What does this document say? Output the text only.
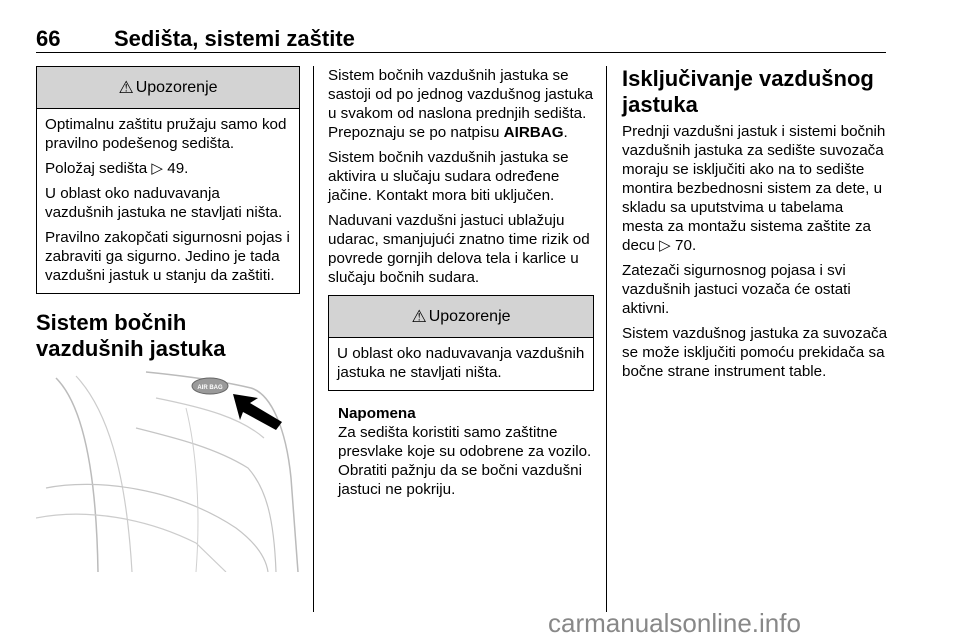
66 Sedišta, sistemi zaštite
⚠ Upozorenje

Optimalnu zaštitu pružaju samo kod pravilno podešenog sedišta.

Položaj sedišta ▷ 49.

U oblast oko naduvavanja vazdušnih jastuka ne stavljati ništa.

Pravilno zakopčati sigurnosni pojas i zabraviti ga sigurno. Jedino je tada vazdušni jastuk u stanju da zaštiti.

Sistem bočnih vazdušnih jastuka
AIR BAG

Sistem bočnih vazdušnih jastuka se sastoji od po jednog vazdušnog jastuka u svakom od naslona prednjih sedišta. Prepoznaju se po natpisu AIRBAG.

Sistem bočnih vazdušnih jastuka se aktivira u slučaju sudara određene jačine. Kontakt mora biti uključen.

Naduvani vazdušni jastuci ublažuju udarac, smanjujući znatno time rizik od povrede gornjih delova tela i karlice u slučaju bočnih sudara.

⚠ Upozorenje

U oblast oko naduvavanja vazdušnih jastuka ne stavljati ništa.

Napomena

Za sedišta koristiti samo zaštitne presvlake koje su odobrene za vozilo. Obratiti pažnju da se bočni vazdušni jastuci ne pokriju.

Isključivanje vazdušnog jastuka

Prednji vazdušni jastuk i sistemi bočnih vazdušnih jastuka za sedište suvozača moraju se isključiti ako na to sedište montira bezbednosni sistem za dete, u skladu sa uputstvima u tabelama mesta za montažu sistema zaštite za decu ▷ 70.

Zatezači sigurnosnog pojasa i svi vazdušnih jastuci vozača će ostati aktivni.

Sistem vazdušnog jastuka za suvozača se može isključiti pomoću prekidača sa bočne strane instrument table.

carmanualsonline.info
